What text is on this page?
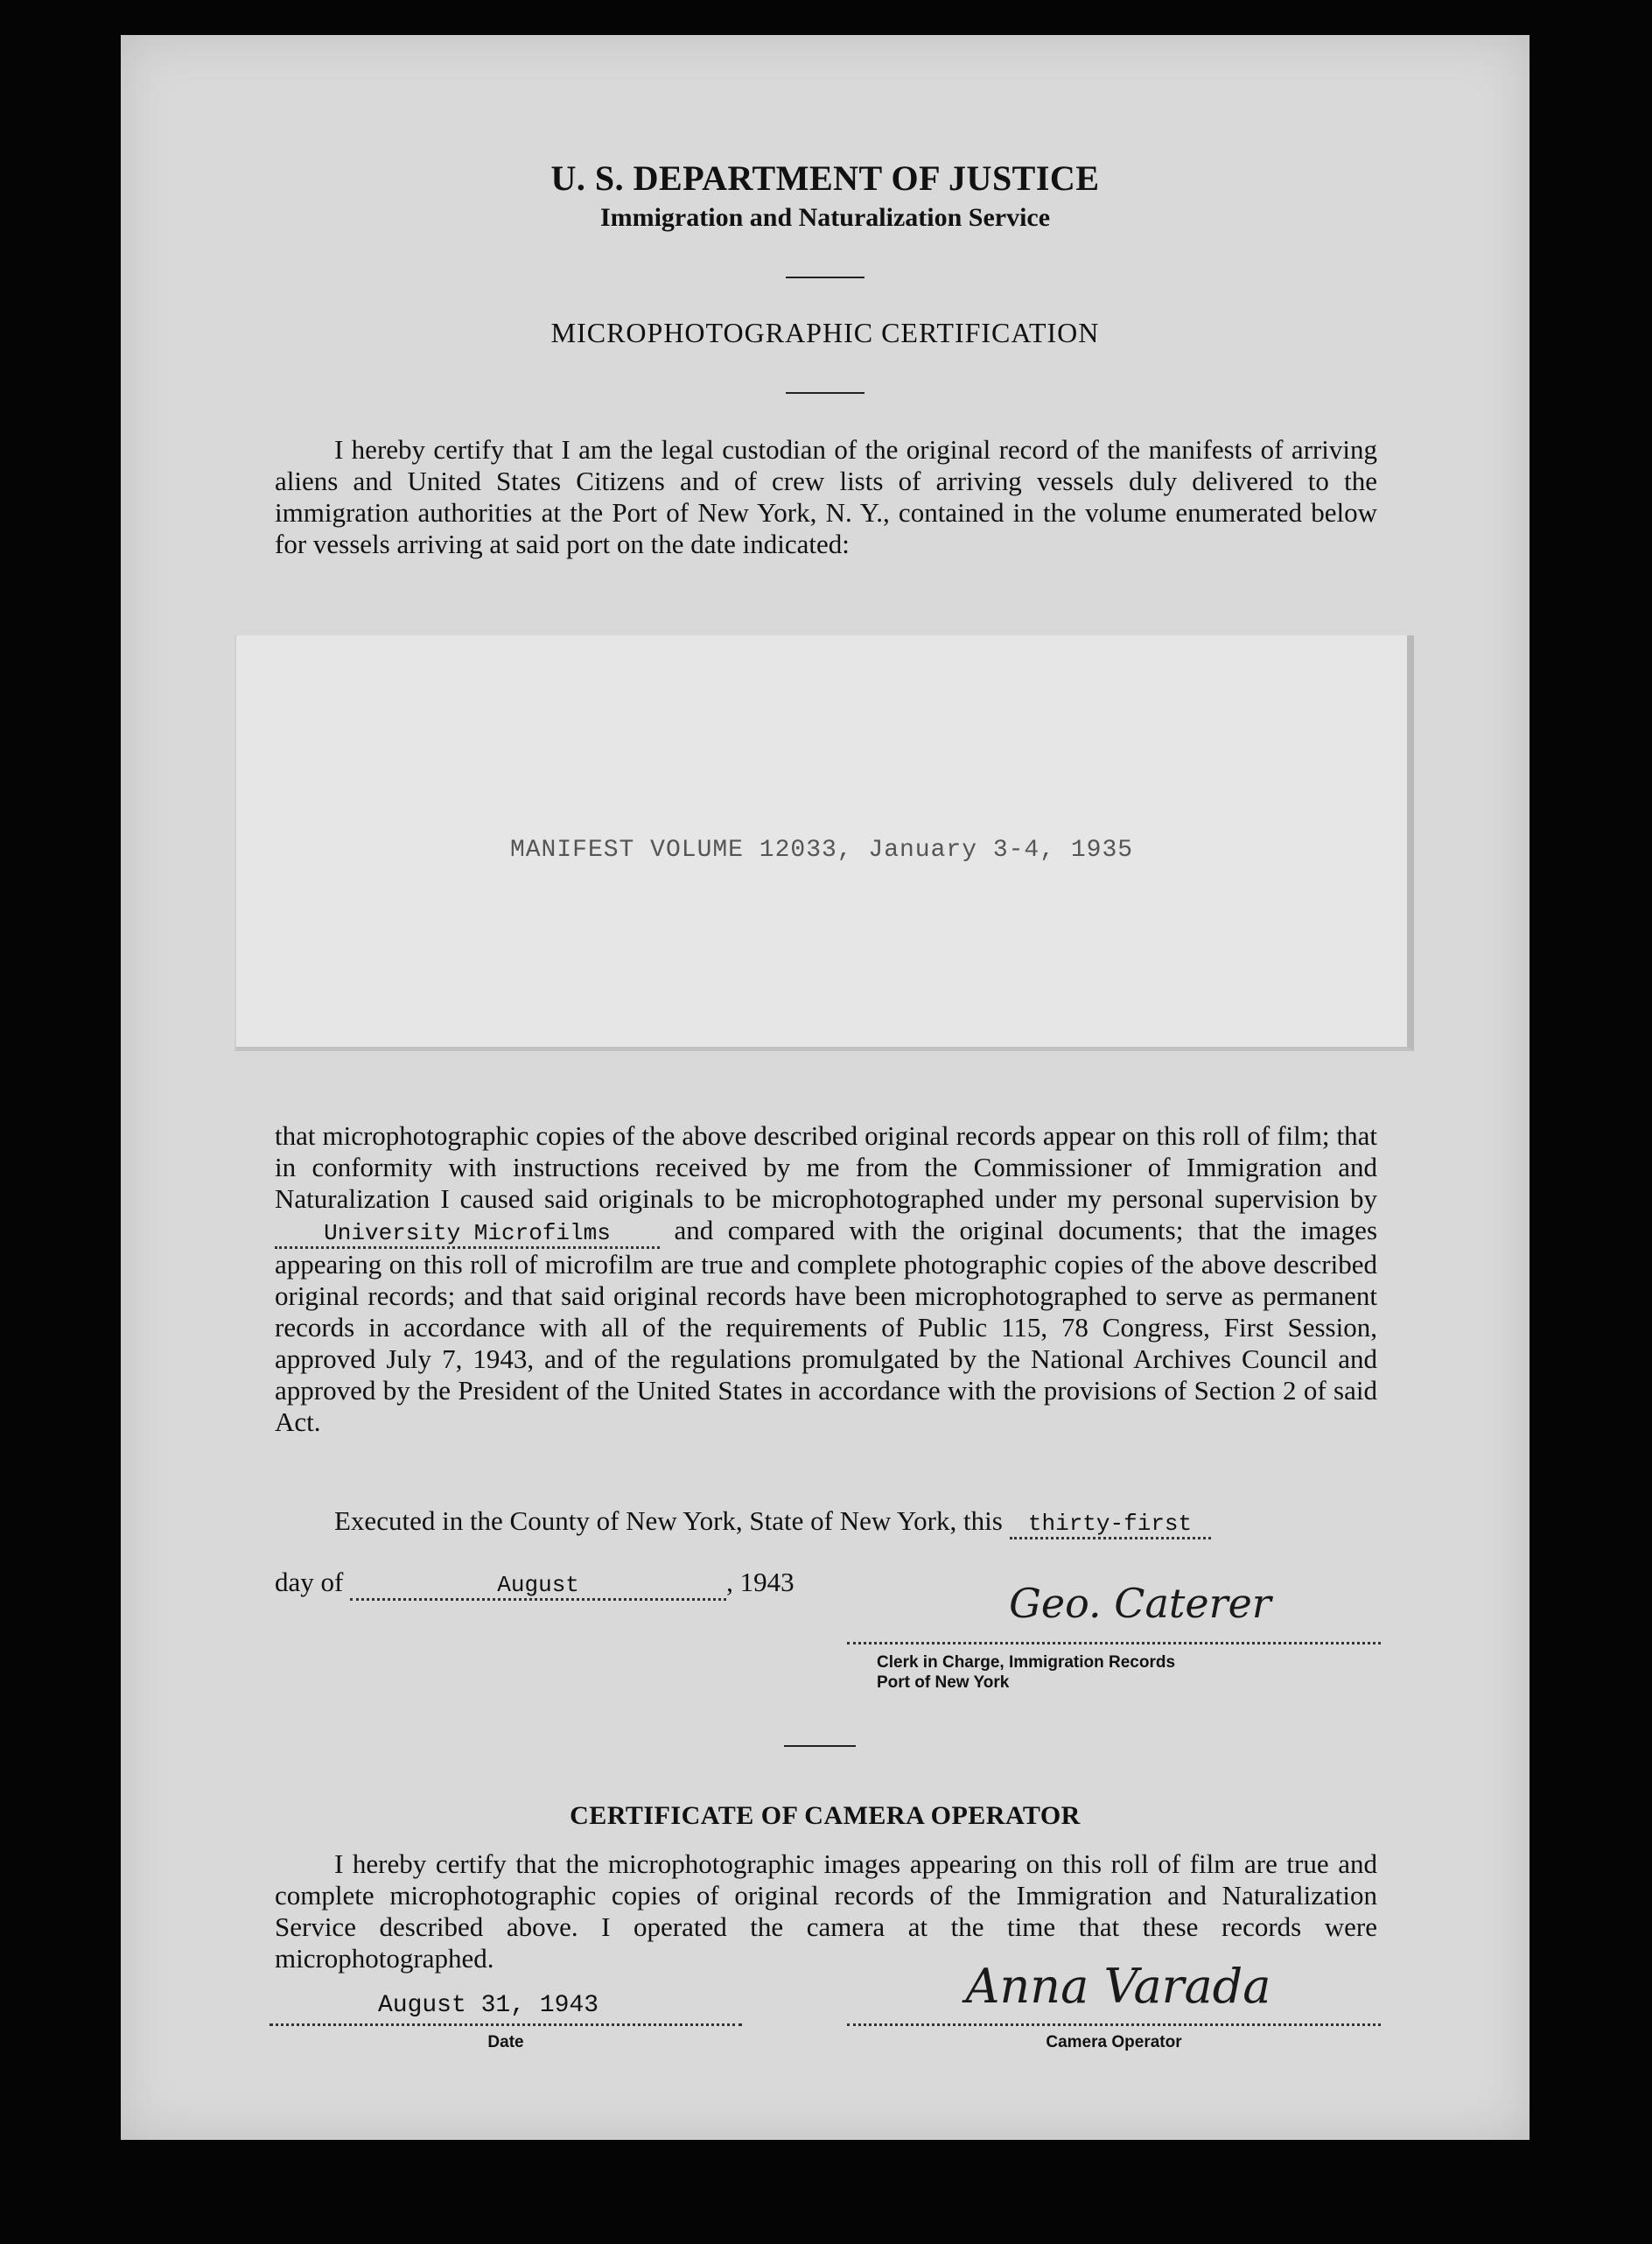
U. S. DEPARTMENT OF JUSTICE
Immigration and Naturalization Service
MICROPHOTOGRAPHIC CERTIFICATION
I hereby certify that I am the legal custodian of the original record of the manifests of arriving aliens and United States Citizens and of crew lists of arriving vessels duly delivered to the immigration authorities at the Port of New York, N. Y., contained in the volume enumerated below for vessels arriving at said port on the date indicated:
MANIFEST VOLUME 12033, January 3-4, 1935
that microphotographic copies of the above described original records appear on this roll of film; that in conformity with instructions received by me from the Commissioner of Immigration and Naturalization I caused said originals to be microphotographed under my personal supervision by University Microfilms and compared with the original documents; that the images appearing on this roll of microfilm are true and complete photographic copies of the above described original records; and that said original records have been microphotographed to serve as permanent records in accordance with all of the requirements of Public 115, 78 Congress, First Session, approved July 7, 1943, and of the regulations promulgated by the National Archives Council and approved by the President of the United States in accordance with the provisions of Section 2 of said Act.
Executed in the County of New York, State of New York, this thirty-first
day of	August	, 1943	Geo. Caterer
Clerk in Charge, Immigration Records
Port of New York
CERTIFICATE OF CAMERA OPERATOR
I hereby certify that the microphotographic images appearing on this roll of film are true and complete microphotographic copies of original records of the Immigration and Naturalization Service described above. I operated the camera at the time that these records were microphotographed.
August 31, 1943
Date
Anna Varada
Camera Operator
